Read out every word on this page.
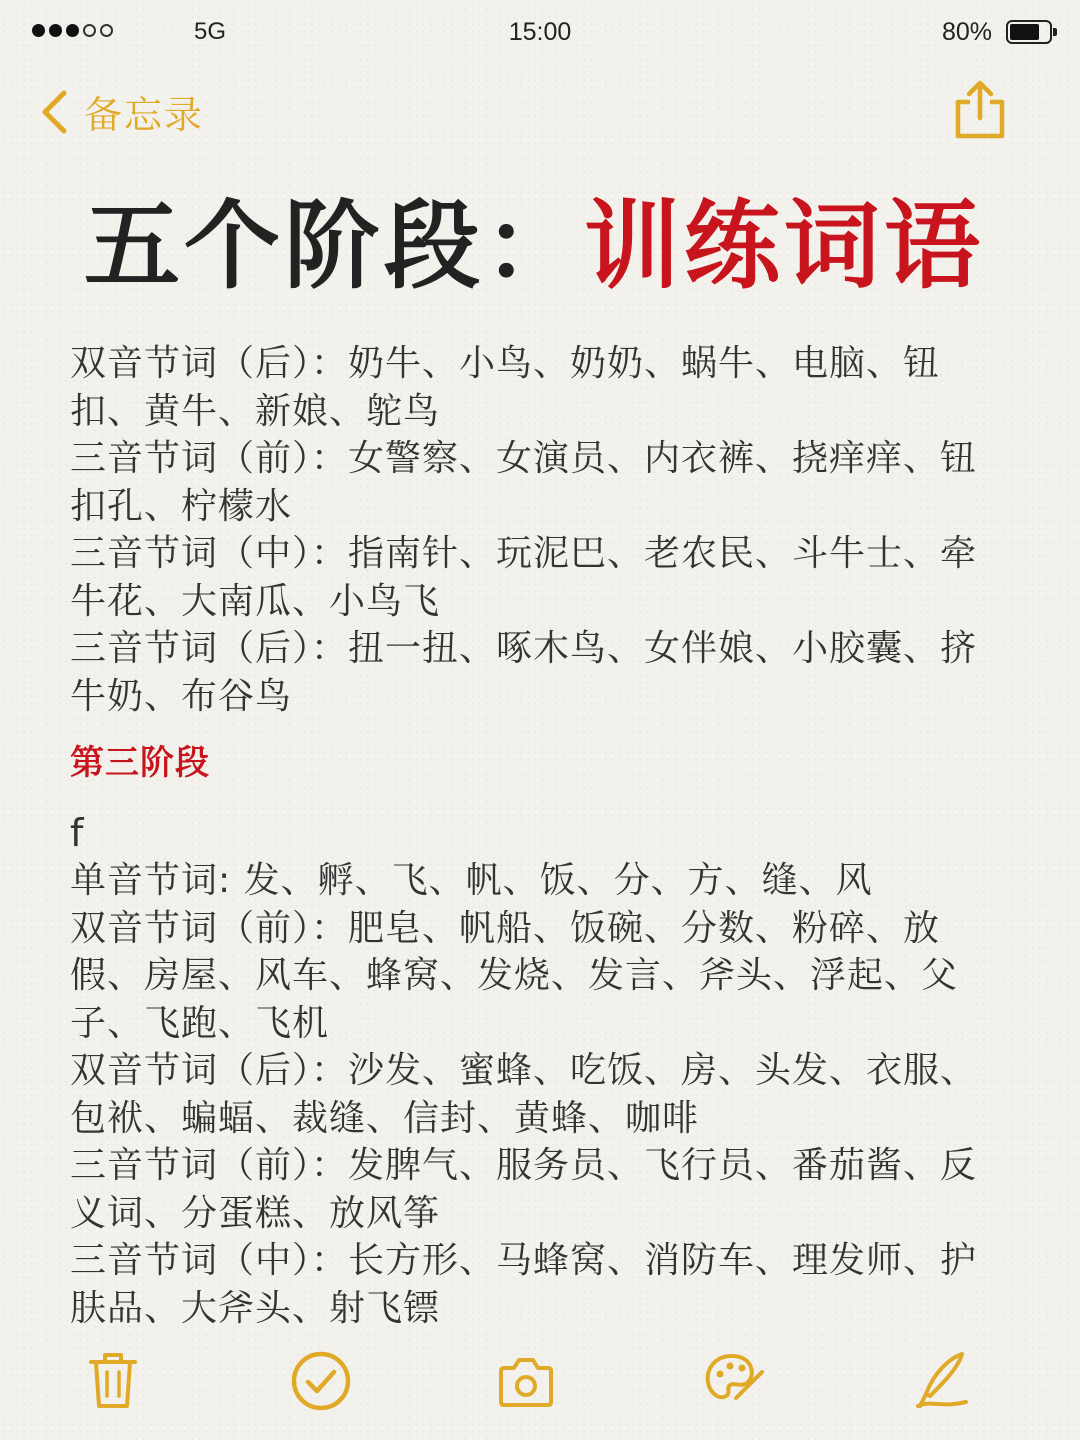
5G	15:00	80%
备忘录
五个阶段：训练词语

双音节词（后）：奶牛、小鸟、奶奶、蜗牛、电脑、钮扣、黄牛、新娘、鸵鸟

三音节词（前）：女警察、女演员、内衣裤、挠痒痒、钮扣孔、柠檬水

三音节词（中）：指南针、玩泥巴、老农民、斗牛士、牵牛花、大南瓜、小鸟飞

三音节词（后）：扭一扭、啄木鸟、女伴娘、小胶囊、挤牛奶、布谷鸟

第三阶段

f

单音节词: 发、孵、飞、帆、饭、分、方、缝、风

双音节词（前）：肥皂、帆船、饭碗、分数、粉碎、放假、房屋、风车、蜂窝、发烧、发言、斧头、浮起、父子、飞跑、飞机

双音节词（后）：沙发、蜜蜂、吃饭、房、头发、衣服、包袱、蝙蝠、裁缝、信封、黄蜂、咖啡

三音节词（前）：发脾气、服务员、飞行员、番茄酱、反义词、分蛋糕、放风筝

三音节词（中）：长方形、马蜂窝、消防车、理发师、护肤品、大斧头、射飞镖
